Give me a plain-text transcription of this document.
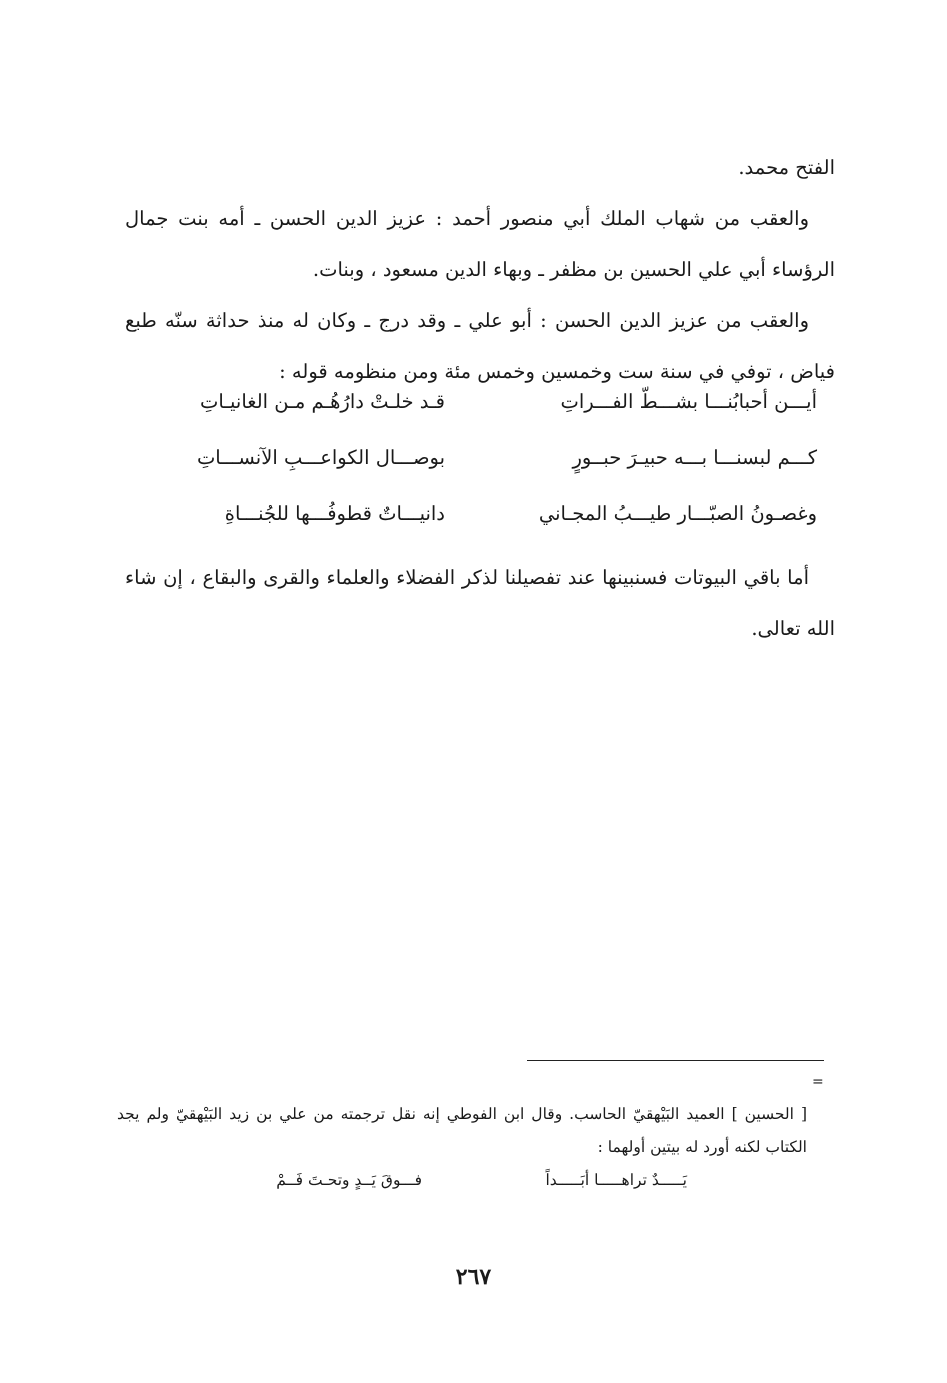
الفتح محمد.

والعقب من شهاب الملك أبي منصور أحمد : عزيز الدين الحسن ـ أمه بنت جمال الرؤساء أبي علي الحسين بن مظفر ـ وبهاء الدين مسعود ، وبنات.

والعقب من عزيز الدين الحسن : أبو علي ـ وقد درج ـ وكان له منذ حداثة سنّه طبع فياض ، توفي في سنة ست وخمسين وخمس مئة ومن منظومه قوله :

أيـــن أحبابُنـــا بشـــطّ الفـــراتِ
قـد خلـتْ دارُهُـم مـن الغانيـاتِ
كـــم لبسنـــا بـــه حبيـرَ حبــورٍ
بوصـــال الكواعـــبِ الآنســـاتِ
وغصـونُ الصبّـــار طيـــبُ المجـاني
دانيـــاتٌ قطوفُـــها للجُنـــاةِ

أما باقي البيوتات فسنبينها عند تفصيلنا لذكر الفضلاء والعلماء والقرى والبقاع ، إن شاء الله تعالى.

=

[ الحسين ] العميد البَيْهقيّ الحاسب. وقال ابن الفوطي إنه نقل ترجمته من علي بن زيد البَيْهقيّ ولم يجد الكتاب لكنه أورد له بيتين أولهما :

يَـــــدٌ تراهـــــا أبَـــــداً
فـــوقَ يَــدٍ وتحـتَ فَــمْ
٢٦٧
